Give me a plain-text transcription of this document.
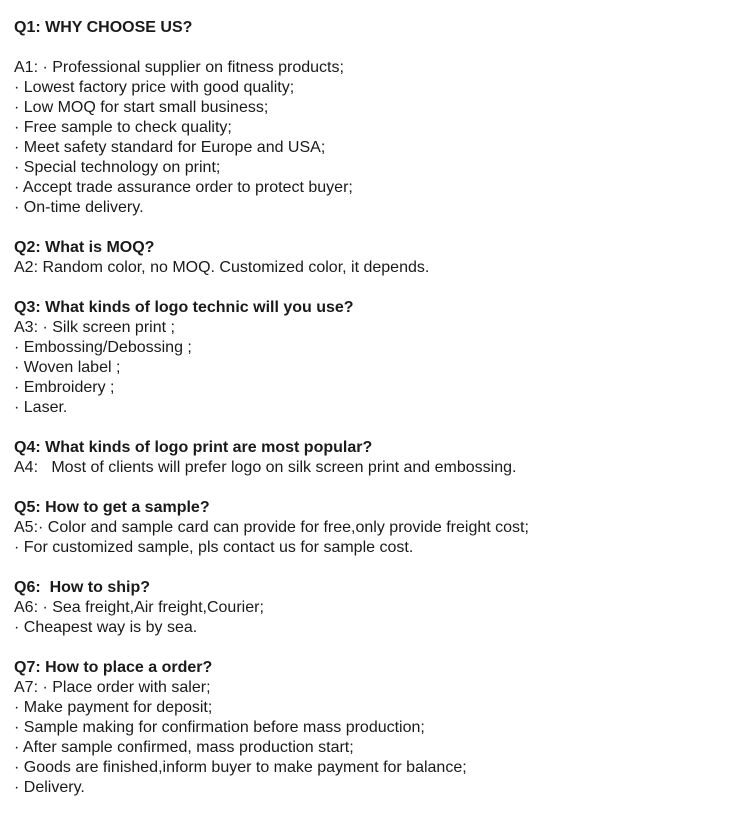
Q1: WHY CHOOSE US?

A1: · Professional supplier on fitness products;

· Lowest factory price with good quality;

· Low MOQ for start small business;

· Free sample to check quality;

· Meet safety standard for Europe and USA;

· Special technology on print;

· Accept trade assurance order to protect buyer;

· On-time delivery.

Q2: What is MOQ?

A2: Random color, no MOQ. Customized color, it depends.

Q3: What kinds of logo technic will you use?

A3: · Silk screen print ;

· Embossing/Debossing ;

· Woven label ;

· Embroidery ;

· Laser.

Q4: What kinds of logo print are most popular?

A4:   Most of clients will prefer logo on silk screen print and embossing.

Q5: How to get a sample?

A5:· Color and sample card can provide for free,only provide freight cost;

· For customized sample, pls contact us for sample cost.

Q6:  How to ship?

A6: · Sea freight,Air freight,Courier;

· Cheapest way is by sea.

Q7: How to place a order?

A7: · Place order with saler;

· Make payment for deposit;

· Sample making for confirmation before mass production;

· After sample confirmed, mass production start;

· Goods are finished,inform buyer to make payment for balance;

· Delivery.
